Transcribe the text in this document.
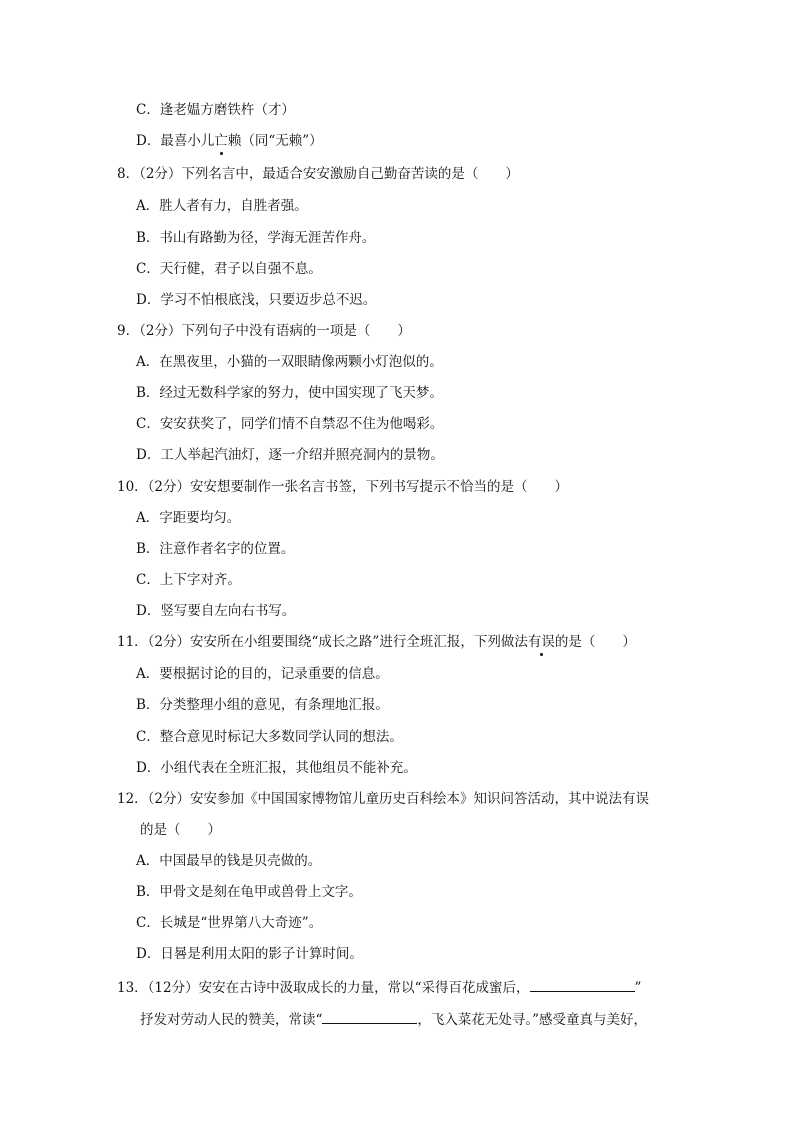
C．逢老媪方磨铁杵（才）
D．最喜小儿亡赖（同“无赖”）
8．（2分）下列名言中，最适合安安激励自己勤奋苦读的是（　　）
A．胜人者有力，自胜者强。
B．书山有路勤为径，学海无涯苦作舟。
C．天行健，君子以自强不息。
D．学习不怕根底浅，只要迈步总不迟。
9．（2分）下列句子中没有语病的一项是（　　）
A．在黑夜里，小猫的一双眼睛像两颗小灯泡似的。
B．经过无数科学家的努力，使中国实现了飞天梦。
C．安安获奖了，同学们情不自禁忍不住为他喝彩。
D．工人举起汽油灯，逐一介绍并照亮洞内的景物。
10．（2分）安安想要制作一张名言书签，下列书写提示不恰当的是（　　）
A．字距要均匀。
B．注意作者名字的位置。
C．上下字对齐。
D．竖写要自左向右书写。
11．（2分）安安所在小组要围绕“成长之路”进行全班汇报，下列做法有误的是（　　）
A．要根据讨论的目的，记录重要的信息。
B．分类整理小组的意见，有条理地汇报。
C．整合意见时标记大多数同学认同的想法。
D．小组代表在全班汇报，其他组员不能补充。
12．（2分）安安参加《中国国家博物馆儿童历史百科绘本》知识问答活动，其中说法有误
的是（　　）
A．中国最早的钱是贝壳做的。
B．甲骨文是刻在龟甲或兽骨上文字。
C．长城是“世界第八大奇迹”。
D．日晷是利用太阳的影子计算时间。
13．（12分）安安在古诗中汲取成长的力量，常以“采得百花成蜜后，	”
抒发对劳动人民的赞美，常读“	，飞入菜花无处寻。”感受童真与美好，
